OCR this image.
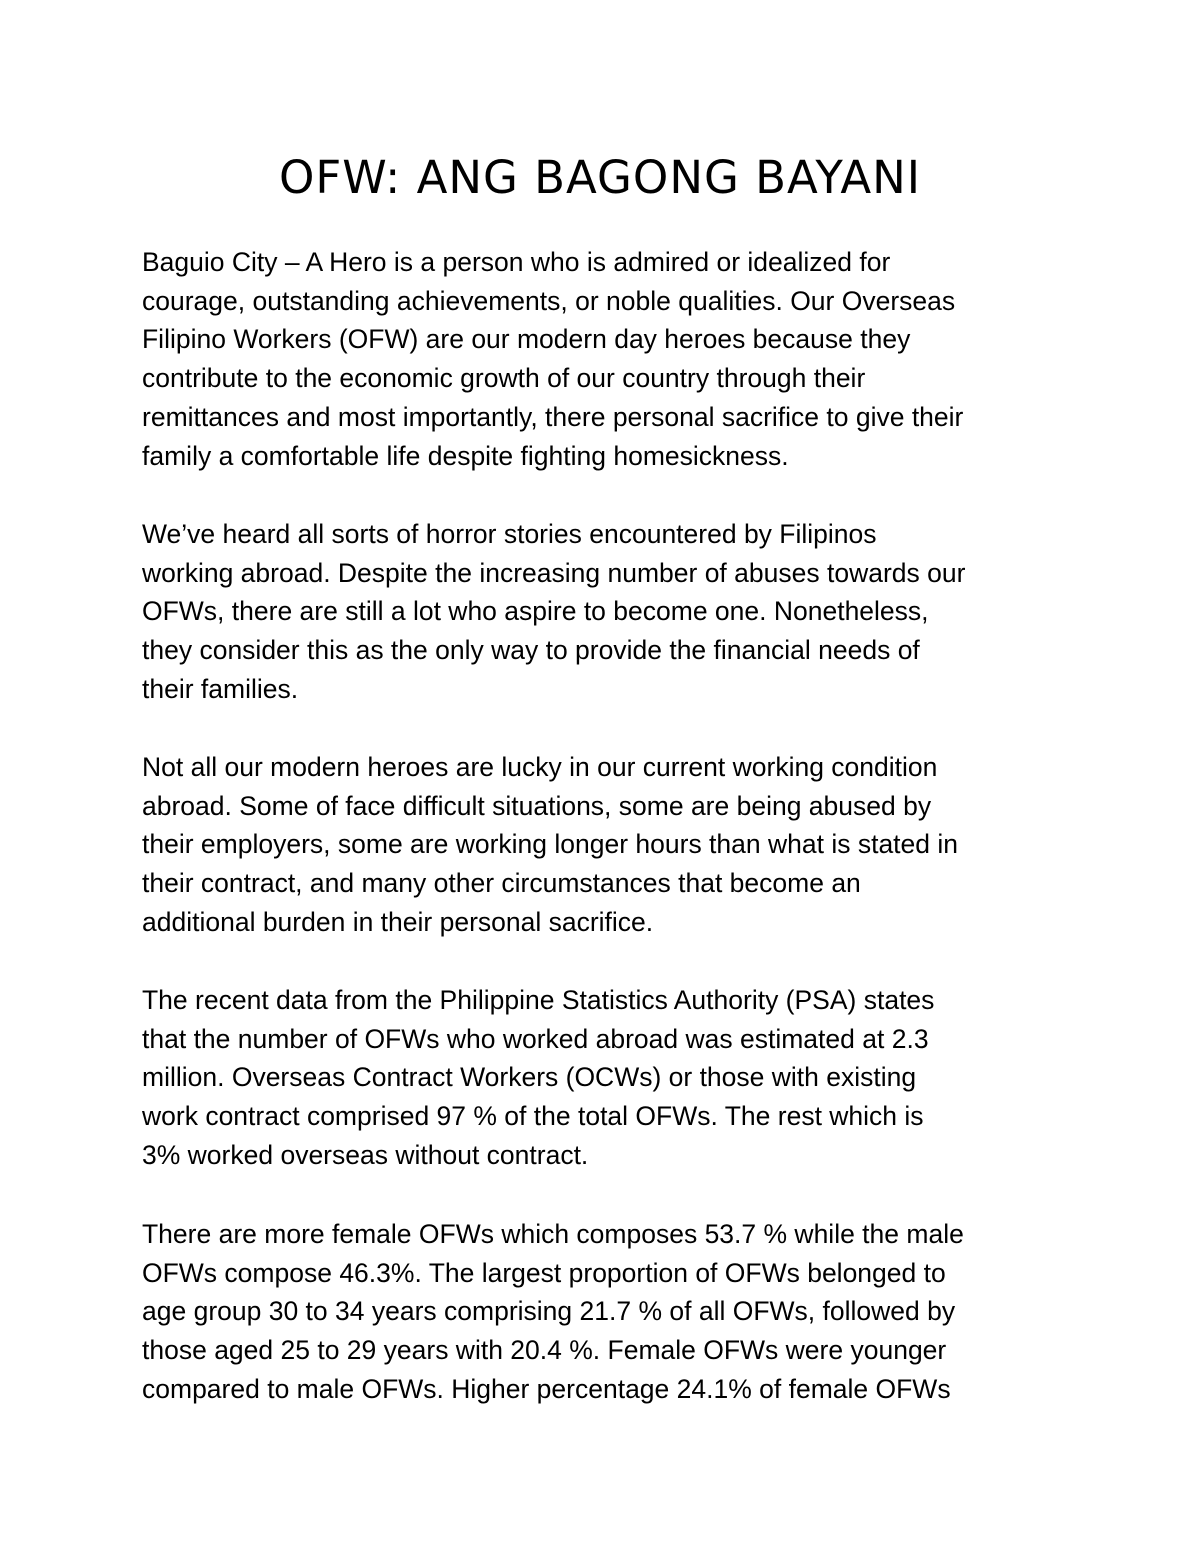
OFW: ANG BAGONG BAYANI

Baguio City – A Hero is a person who is admired or idealized for
courage, outstanding achievements, or noble qualities. Our Overseas
Filipino Workers (OFW) are our modern day heroes because they
contribute to the economic growth of our country through their
remittances and most importantly, there personal sacrifice to give their
family a comfortable life despite fighting homesickness.

We’ve heard all sorts of horror stories encountered by Filipinos
working abroad. Despite the increasing number of abuses towards our
OFWs, there are still a lot who aspire to become one. Nonetheless,
they consider this as the only way to provide the financial needs of
their families.

Not all our modern heroes are lucky in our current working condition
abroad. Some of face difficult situations, some are being abused by
their employers, some are working longer hours than what is stated in
their contract, and many other circumstances that become an
additional burden in their personal sacrifice.

The recent data from the Philippine Statistics Authority (PSA) states
that the number of OFWs who worked abroad was estimated at 2.3
million. Overseas Contract Workers (OCWs) or those with existing
work contract comprised 97 % of the total OFWs. The rest which is
3% worked overseas without contract.

There are more female OFWs which composes 53.7 % while the male
OFWs compose 46.3%. The largest proportion of OFWs belonged to
age group 30 to 34 years comprising 21.7 % of all OFWs, followed by
those aged 25 to 29 years with 20.4 %. Female OFWs were younger
compared to male OFWs. Higher percentage 24.1% of female OFWs
